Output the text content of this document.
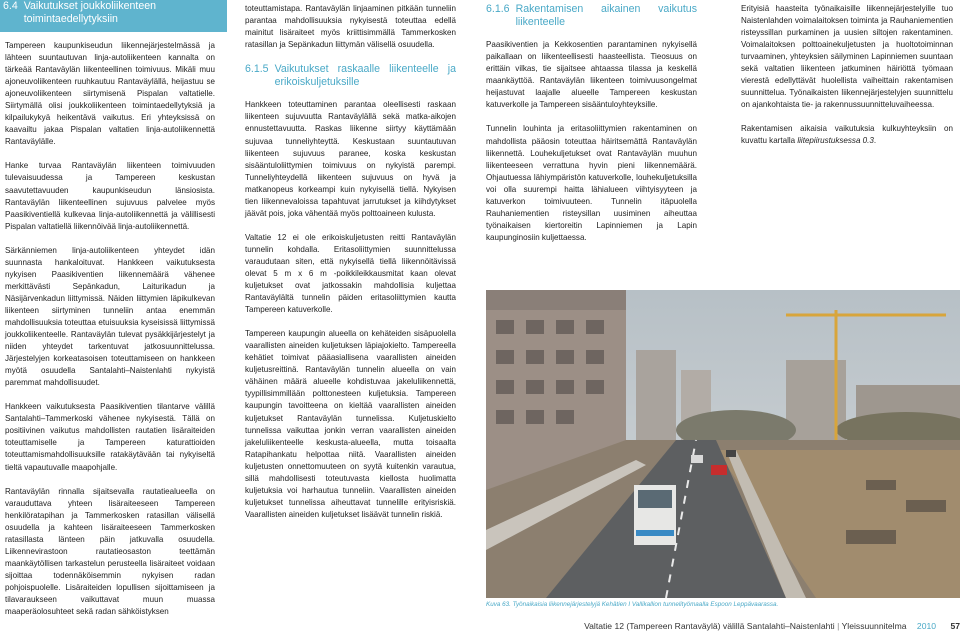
6.4 Vaikutukset joukkoliikenteen toimintaedellytyksiin

Tampereen kaupunkiseudun liikennejärjestelmässä ja lähteen suuntautuvan linja-autoliikenteen kannalta on tärkeää Rantaväylän liikenteellinen toimivuus. Mikäli muu ajoneuvoliikenteen ruuhkautuu Rantaväylällä, heijastuu se ajoneuvoliikenteen siirtymisenä Pispalan valtatielle. Siirtymällä olisi joukkoliikenteen toimintaedellytyksiä ja kilpailukykyä heikentävä vaikutus. Eri yhteyksissä on kaavailtu jakaa Pispalan valtatien linja-autoliikennettä Rantaväylälle.

Hanke turvaa Rantaväylän liikenteen toimivuuden tulevaisuudessa ja Tampereen keskustan saavutettavuuden kaupunkiseudun länsiosista. Rantaväylän liikenteellinen sujuvuus palvelee myös Paasikiventiellä kulkevaa linja-autoliikennettä ja välillisesti Pispalan valtatiellä liikennöivää linja-autoliikennettä.

Särkänniemen linja-autoliikenteen yhteydet idän suunnasta hankaloituvat. Hankkeen vaikutuksesta nykyisen Paasikiventien liikennemäärä vähenee merkittävästi Sepänkadun, Laiturikadun ja Näsijärvenkadun liittymissä. Näiden liittymien läpikulkevan liikenteen siirtyminen tunneliin antaa enemmän mahdollisuuksia toteuttaa etuisuuksia kyseisissä liittymissä joukkoliikenteelle. Rantaväylän tulevat pysäkkijärjestelyt ja niiden yhteydet tarkentuvat jatkosuunnittelussa. Järjestelyjen korkeatasoisen toteuttamiseen on hankkeen myötä osuudella Santalahti–Naistenlahti nykyistä paremmat mahdollisuudet.

Hankkeen vaikutuksesta Paasikiventien tilantarve välillä Santalahti–Tammerkoski vähenee nykyisestä. Tällä on positiivinen vaikutus mahdollisten rautatien lisäraiteiden toteuttamiselle ja Tampereen katurattioiden toteuttamismahdollisuuksille ratakäytävään tai nykyiseltä tieltä vapautuvalle maapohjalle.

Rantaväylän rinnalla sijaitsevalla rautatiealueella on varauduttava yhteen lisäraiteeseen Tampereen henkilöratapihan ja Tammerkosken ratasillan välisellä osuudella ja kahteen lisäraiteeseen Tammerkosken ratasillasta länteen päin jatkuvalla osuudella. Liikennevirastoon rautatieosaston teettämän maankäytöllisen tarkastelun perusteella lisäraiteet voidaan sijoittaa todennäköisemmin nykyisen radan pohjoispuolelle. Lisäraiteiden lopullisen sijoittamiseen ja tilavaraukseen vaikuttavat muun muassa maaperäolosuhteet sekä radan sähköistyksen

toteuttamistapa. Rantaväylän linjaaminen pitkään tunneliin parantaa mahdollisuuksia nykyisestä toteuttaa edellä mainitut lisäraiteet myös kriittisimmällä Tammerkosken ratasillan ja Sepänkadun liittymän välisellä osuudella.

6.1.5 Vaikutukset raskaalle liikenteelle ja erikoiskuljetuksille

Hankkeen toteuttaminen parantaa oleellisesti raskaan liikenteen sujuvuutta Rantaväylällä sekä matka-aikojen ennustettavuutta. Raskas liikenne siirtyy käyttämään sujuvaa tunneliyhteyttä. Keskustaan suuntautuvan liikenteen sujuvuus paranee, koska keskustan sisääntuloliittymien toimivuus on nykyistä parempi. Tunneliyhteydellä liikenteen sujuvuus on hyvä ja matkanopeus korkeampi kuin nykyisellä tiellä. Nykyisen tien liikennevaloissa tapahtuvat jarrutukset ja kiihdytykset jäävät pois, joka vähentää myös polttoaineen kulusta.

Valtatie 12 ei ole erikoiskuljetusten reitti Rantaväylän tunnelin kohdalla. Eritasoliittymien suunnittelussa varaudutaan siten, että nykyisellä tiellä liikennöitävissä olevat 5 m x 6 m -poikkileikkausmitat kaan olevat kuljetukset ovat jatkossakin mahdollisia kuljettaa Rantaväylältä tunnelin päiden eritasoliittymien kautta Tampereen katuverkolle.

Tampereen kaupungin alueella on kehäteiden sisäpuolella vaarallisten aineiden kuljetuksen läpiajokielto. Tampereella kehätiet toimivat pääasiallisena vaarallisten aineiden kuljetusreittinä. Rantaväylän tunnelin alueella on vain vähäinen määrä alueelle kohdistuvaa jakeluliikennettä, tyypillisimmillään polttonesteen kuljetuksia. Tampereen kaupungin tavoitteena on kieltää vaarallisten aineiden kuljetukset Rantaväylän tunnelissa. Kuljetuskielto tunnelissa vaikuttaa jonkin verran vaarallisten aineiden jakeluliikenteelle keskusta-alueella, mutta toisaalta Ratapihankatu helpottaa niitä. Vaarallisten aineiden kuljetusten onnettomuuteen on syytä kuitenkin varautua, sillä mahdollisesti toteutuvasta kiellosta huolimatta kuljetuksia voi harhautua tunneliin. Vaarallisten aineiden kuljetukset tunnelissa aiheuttavat tunnelille erityisriskiä. Vaarallisten aineiden kuljetukset lisäävät tunnelin riskiä.

6.1.6 Rakentamisen aikainen vaikutus liikenteelle

Paasikiventien ja Kekkosentien parantaminen nykyisellä paikallaan on liikenteellisesti haasteellista. Tieosuus on erittäin vilkas, tie sijaitsee ahtaassa tilassa ja keskellä maankäyttöä. Rantaväylän liikenteen toimivuusongelmat heijastuvat laajalle alueelle Tampereen keskustan katuverkolle ja Tampereen sisääntuloyhteyksille.

Tunnelin louhinta ja eritasoliittymien rakentaminen on mahdollista pääosin toteuttaa häiritsemättä Rantaväylän liikennettä. Louhekuljetukset ovat Rantaväylän muuhun liikenteeseen verrattuna hyvin pieni liikennemäärä. Ohjautuessa lähiympäristön katuverkolle, louhekuljetuksilla voi olla suurempi haitta lähialueen viihtyisyyteen ja katuverkon toimivuuteen. Tunnelin itäpuolella Rauhaniementien risteysillan uusiminen aiheuttaa työnaikaisen kiertoreitin Lapinniemen ja Lapin kaupunginosiin kuljettaessa.

Erityisiä haasteita työnaikaisille liikennejärjestelyille tuo Naistenlahden voimalaitoksen toiminta ja Rauhaniementien risteyssillan purkaminen ja uusien siltojen rakentaminen. Voimalaitoksen polttoainekuljetusten ja huoltotoiminnan turvaaminen, yhteyksien säilyminen Lapinniemen suuntaan sekä valtatien liikenteen jatkuminen häiriöttä työmaan vierestä edellyttävät huolellista vaiheittain rakentamisen suunnittelua. Työnaikaisten liikennejärjestelyjen suunnittelu on ajankohtaista tie- ja rakennussuunnitteluvaiheessa.

Rakentamisen aikaisia vaikutuksia kulkuyhteyksiin on kuvattu kartalla liitepiirustuksessa 0.3.

Kuva 63. Työnaikaisia liikennejärjestelyjä Kehätien I Vallikallion tunnelityömaalla Espoon Leppävaarassa.
Valtatie 12 (Tampereen Rantaväylä) välillä Santalahti–Naistenlahti | Yleissuunnitelma 2010 57
